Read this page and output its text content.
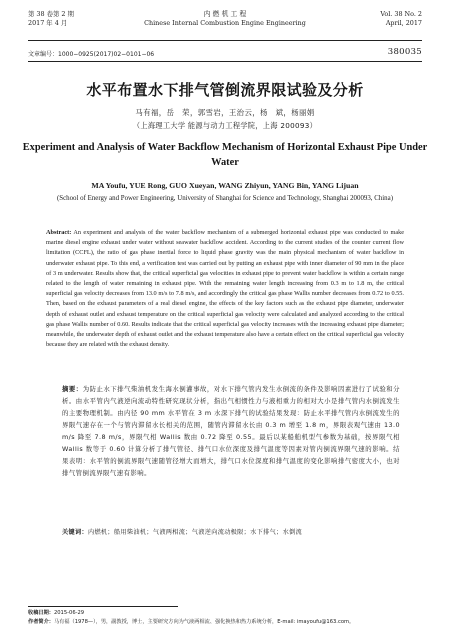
第 38 卷第 2 期
2017 年 4 月
内 燃 机 工 程
Chinese Internal Combustion Engine Engineering
Vol. 38 No. 2
April, 2017
文章编号：1000−0925(2017)02−0101−06	380035
水平布置水下排气管倒流界限试验及分析
马有福，岳　荣，郭雪岩，王治云，杨　斌，杨丽娟
（上海理工大学 能源与动力工程学院，上海 200093）
Experiment and Analysis of Water Backflow Mechanism of Horizontal Exhaust Pipe Under Water
MA Youfu, YUE Rong, GUO Xueyan, WANG Zhiyun, YANG Bin, YANG Lijuan
(School of Energy and Power Engineering, University of Shanghai for Science and Technology, Shanghai 200093, China)
Abstract: An experiment and analysis of the water backflow mechanism of a submerged horizontal exhaust pipe was conducted to make marine diesel engine exhaust under water without seawater backflow accident. According to the current studies of the counter current flow limitation (CCFL), the ratio of gas phase inertial force to liquid phase gravity was the main physical mechanism of water backflow in underwater exhaust pipe. To this end, a verification test was carried out by putting an exhaust pipe with inner diameter of 90 mm in the place of 3 m underwater. Results show that, the critical superficial gas velocities in exhaust pipe to prevent water backflow is within a certain range related to the length of water remaining in exhaust pipe. With the remaining water length increasing from 0.3 m to 1.8 m, the critical superficial gas velocity decreases from 13.0 m/s to 7.8 m/s, and accordingly the critical gas phase Wallis number decreases from 0.72 to 0.55. Then, based on the exhaust parameters of a real diesel engine, the effects of the key factors such as the exhaust pipe diameter, underwater depth of exhaust outlet and exhaust temperature on the critical superficial gas velocity were calculated and analyzed according to the critical gas phase Wallis number of 0.60. Results indicate that the critical superficial gas velocity increases with the increasing exhaust pipe diameter; meanwhile, the underwater depth of exhaust outlet and the exhaust temperature also have a certain effect on the critical superficial gas velocity because they are related with the exhaust density.
摘要：为防止水下排气柴油机发生海水倒灌事故，对水下排气管内发生水倒流的条件及影响因素进行了试验和分析。由水平管内气液逆向流动特性研究现状分析，指出气相惯性力与液相重力的相对大小是排气管内水倒流发生的主要物理机制。由内径 90 mm 水平管在 3 m 水深下排气的试验结果发现：防止水平排气管内水倒流发生的界限气速存在一个与管内滞留水长相关的范围，随管内滞留水长由 0.3 m 增至 1.8 m，界限表观气速由 13.0 m/s 降至 7.8 m/s，界限气相 Wallis 数由 0.72 降至 0.55。最后以某船舶机型气参数为基础，按界限气相 Wallis 数等于 0.60 计算分析了排气管径、排气口水位深度及排气温度等因素对管内倒流界限气速的影响。结果表明：水平管的倒流界限气速随管径增大而增大，排气口水位深度和排气温度的变化影响排气密度大小，也对排气管倒流界限气速有影响。
关键词：内燃机；船用柴油机；气液两相流；气液逆向流动极限；水下排气；水倒流
收稿日期：2015-06-29
作者简介：马有福（1978—），男，副教授，博士，主要研究方向为气液两相流、强化换热和热力系统分析，E-mail: imayoufu@163.com。
